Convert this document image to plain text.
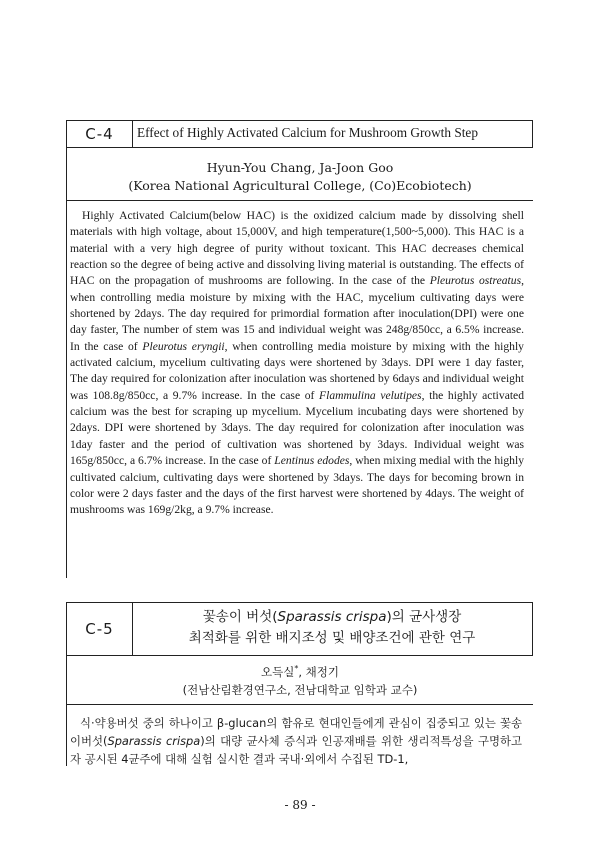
C-4	Effect of Highly Activated Calcium for Mushroom Growth Step
Hyun-You Chang, Ja-Joon Goo
(Korea National Agricultural College, (Co)Ecobiotech)
Highly Activated Calcium(below HAC) is the oxidized calcium made by dissolving shell materials with high voltage, about 15,000V, and high temperature(1,500~5,000). This HAC is a material with a very high degree of purity without toxicant. This HAC decreases chemical reaction so the degree of being active and dissolving living material is outstanding. The effects of HAC on the propagation of mushrooms are following. In the case of the Pleurotus ostreatus, when controlling media moisture by mixing with the HAC, mycelium cultivating days were shortened by 2days. The day required for primordial formation after inoculation(DPI) were one day faster, The number of stem was 15 and individual weight was 248g/850cc, a 6.5% increase. In the case of Pleurotus eryngii, when controlling media moisture by mixing with the highly activated calcium, mycelium cultivating days were shortened by 3days. DPI were 1 day faster, The day required for colonization after inoculation was shortened by 6days and individual weight was 108.8g/850cc, a 9.7% increase. In the case of Flammulina velutipes, the highly activated calcium was the best for scraping up mycelium. Mycelium incubating days were shortened by 2days. DPI were shortened by 3days. The day required for colonization after inoculation was 1day faster and the period of cultivation was shortened by 3days. Individual weight was 165g/850cc, a 6.7% increase. In the case of Lentinus edodes, when mixing medial with the highly cultivated calcium, cultivating days were shortened by 3days. The days for becoming brown in color were 2 days faster and the days of the first harvest were shortened by 4days. The weight of mushrooms was 169g/2kg, a 9.7% increase.
C-5
꽃송이 버섯(Sparassis crispa)의 균사생장
최적화를 위한 배지조성 및 배양조건에 관한 연구
오득실*, 채정기
(전남산림환경연구소, 전남대학교 임학과 교수)
식·약용버섯 중의 하나이고 β-glucan의 함유로 현대인들에게 관심이 집중되고 있는 꽃송이버섯(Sparassis crispa)의 대량 균사체 증식과 인공재배를 위한 생리적특성을 구명하고자 공시된 4균주에 대해 실험 실시한 결과 국내·외에서 수집된 TD-1,
- 89 -
